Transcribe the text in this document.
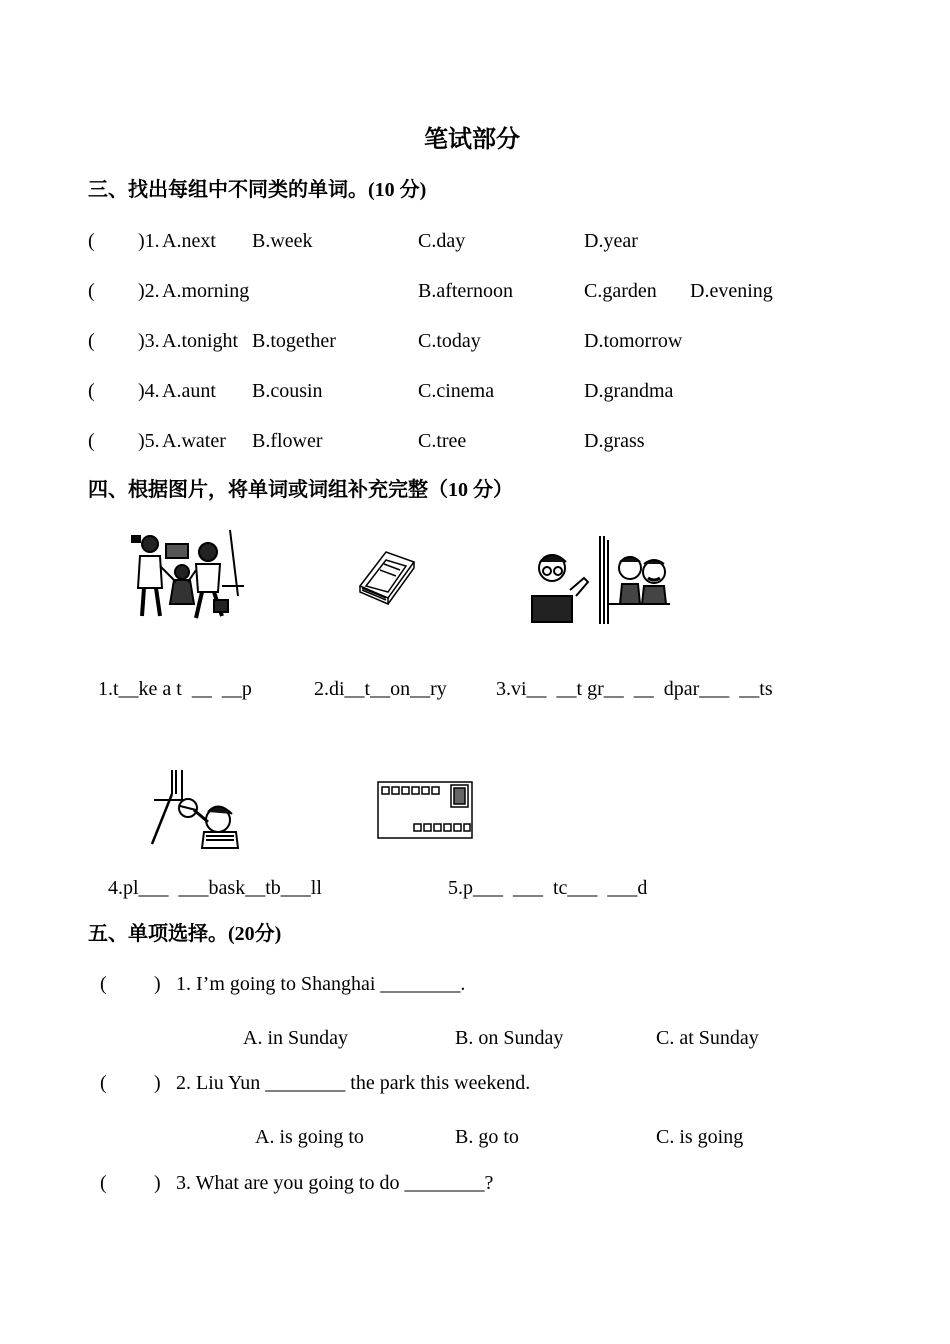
笔试部分
三、找出每组中不同类的单词。(10 分)
( )1. A.next B.week	C.day	D.year
( )2. A.morning	B.afternoon	C.garden D.evening
( )3. A.tonight B.together	C.today	D.tomorrow
( )4. A.aunt B.cousin	C.cinema	D.grandma
( )5. A.water B.flower	C.tree	D.grass
四、根据图片，将单词或词组补充完整（10 分）
1.t__ke a t  __  __p	2.di__t__on__ry 3.vi__  __t gr__  __  dpar___  __ts
4.pl___  ___bask__tb___ll	5.p___  ___  tc___  ___d
五、单项选择。(20分)
( ) 1. I’m going to Shanghai ________.
A. in Sunday	B. on Sunday	C. at Sunday
( ) 2. Liu Yun ________ the park this weekend.
A. is going to	B. go to	C. is going
( ) 3. What are you going to do ________?
